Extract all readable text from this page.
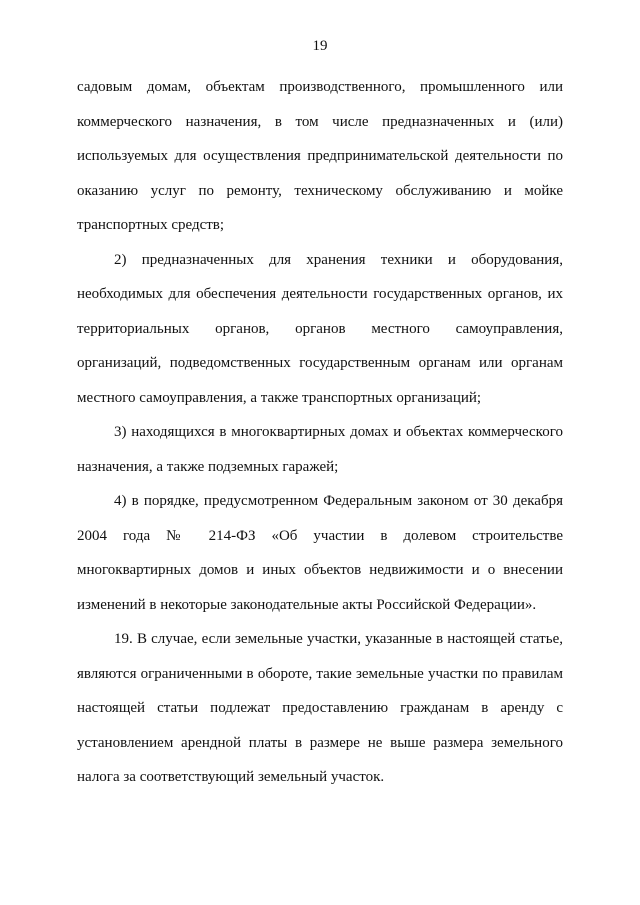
19

садовым домам, объектам производственного, промышленного или
коммерческого назначения, в том числе предназначенных и (или)
используемых для осуществления предпринимательской деятельности по
оказанию услуг по ремонту, техническому обслуживанию и мойке
транспортных средств;

2) предназначенных для хранения техники и оборудования,
необходимых для обеспечения деятельности государственных органов, их
территориальных органов, органов местного самоуправления,
организаций, подведомственных государственным органам или органам
местного самоуправления, а также транспортных организаций;

3) находящихся в многоквартирных домах и объектах коммерческого
назначения, а также подземных гаражей;

4) в порядке, предусмотренном Федеральным законом от 30 декабря
2004 года № 214-ФЗ «Об участии в долевом строительстве
многоквартирных домов и иных объектов недвижимости и о внесении
изменений в некоторые законодательные акты Российской Федерации».

19. В случае, если земельные участки, указанные в настоящей статье,
являются ограниченными в обороте, такие земельные участки по правилам
настоящей статьи подлежат предоставлению гражданам в аренду с
установлением арендной платы в размере не выше размера земельного
налога за соответствующий земельный участок.
